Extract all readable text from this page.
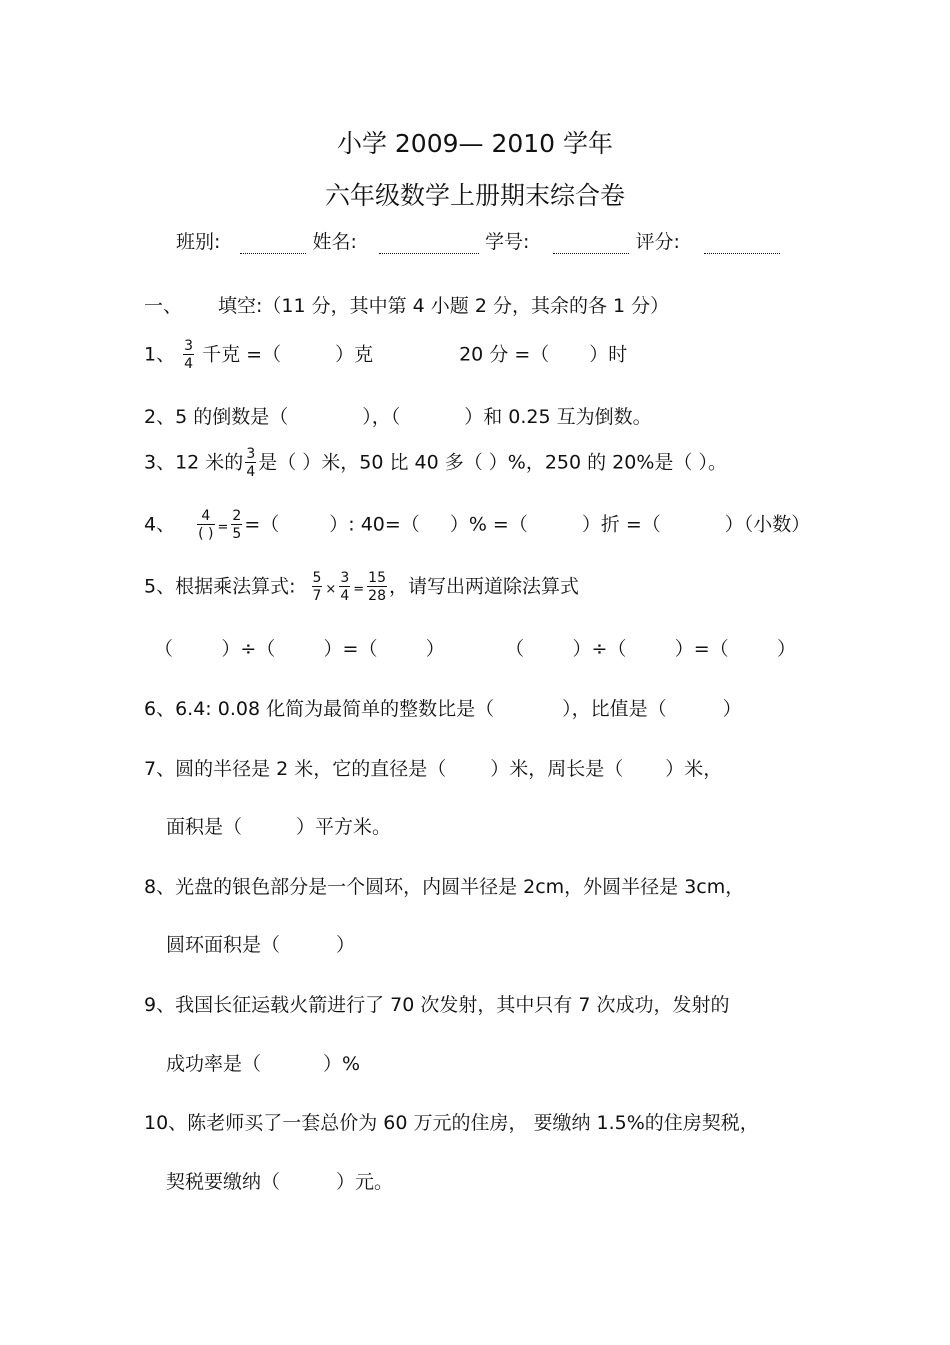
小学 2009— 2010 学年
六年级数学上册期末综合卷
班别:	姓名:	学号:	评分:
一、 填空:（11 分，其中第 4 小题 2 分，其余的各 1 分）
1、 $\frac{3}{4}$ 千克 =（	）克	20 分 =（ ）时
2、5 的倒数是（	），（	）和 0.25 互为倒数。
3、12 米的 $\frac{3}{4}$ 是（ ）米，50 比 40 多（ ）%，250 的 20%是（ ）。
4、 $\frac{4}{( )} = \frac{2}{5}$ =（	）: 40=（ ）% =（	）折 =（	）（小数）
5、根据乘法算式: $\frac{5}{7} \times \frac{3}{4} = \frac{15}{28}$ ，请写出两道除法算式
（        ）÷（        ）=（        ）          （        ）÷（        ）=（        ）
6、6.4: 0.08 化简为最简单的整数比是（	），比值是（	）
7、圆的半径是 2 米，它的直径是（ ）米，周长是（ ）米，
面积是（	）平方米。
8、光盘的银色部分是一个圆环，内圆半径是 2cm，外圆半径是 3cm，
圆环面积是（	）
9、我国长征运载火箭进行了 70 次发射，其中只有 7 次成功，发射的
成功率是（	）%
10、陈老师买了一套总价为 60 万元的住房， 要缴纳 1.5%的住房契税，
契税要缴纳（	）元。
